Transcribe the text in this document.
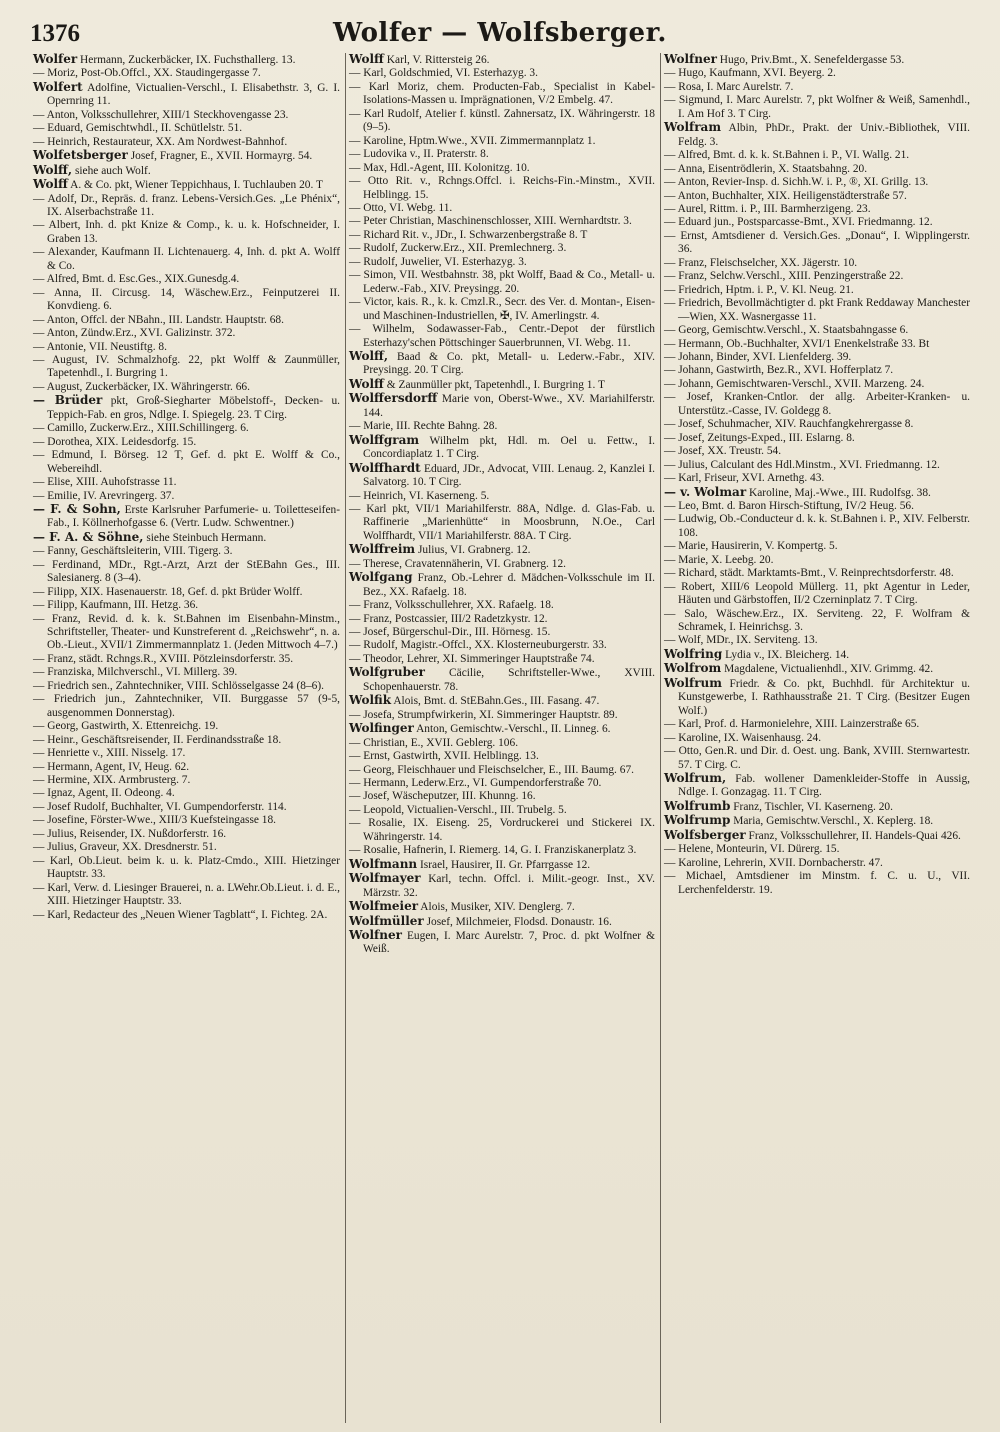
1376	Wolfer — Wolfsberger.
Wolfer Hermann, Zuckerbäcker, IX. Fuchsthallerg. 13.
— Moriz, Post-Ob.Offcl., XX. Staudingergasse 7.
Wolfert Adolfine, Victualien-Verschl., I. Elisabethstr. 3, G. I. Opernring 11.
— Anton, Volksschullehrer, XIII/1 Steckhovengasse 23.
— Eduard, Gemischtwhdl., II. Schütlelstr. 51.
— Heinrich, Restaurateur, XX. Am Nordwest-Bahnhof.
Wolfetsberger Josef, Fragner, E., XVII. Hormayrg. 54.
Wolff, siehe auch Wolf.
Wolff A. & Co. pkt, Wiener Teppichhaus, I. Tuchlauben 20. T
— Adolf, Dr., Repräs. d. franz. Lebens-Versich.Ges. „Le Phénix“, IX. Alserbachstraße 11.
— Albert, Inh. d. pkt Knize & Comp., k. u. k. Hofschneider, I. Graben 13.
— Alexander, Kaufmann II. Lichtenauerg. 4, Inh. d. pkt A. Wolff & Co.
— Alfred, Bmt. d. Esc.Ges., XIX.Gunesdg.4.
— Anna, II. Circusg. 14, Wäschew.Erz., Feinputzerei II. Konvdieng. 6.
— Anton, Offcl. der NBahn., III. Landstr. Hauptstr. 68.
— Anton, Zündw.Erz., XVI. Galizinstr. 372.
— Antonie, VII. Neustiftg. 8.
— August, IV. Schmalzhofg. 22, pkt Wolff & Zaunmüller, Tapetenhdl., I. Burgring 1.
— August, Zuckerbäcker, IX. Währingerstr. 66.
— Brüder pkt, Groß-Siegharter Möbelstoff-, Decken- u. Teppich-Fab. en gros, Ndlge. I. Spiegelg. 23. T Cirg.
— Camillo, Zuckerw.Erz., XIII.Schillingerg. 6.
— Dorothea, XIX. Leidesdorfg. 15.
— Edmund, I. Börseg. 12 T, Gef. d. pkt E. Wolff & Co., Webereihdl.
— Elise, XIII. Auhofstrasse 11.
— Emilie, IV. Arevringerg. 37.
— F. & Sohn, Erste Karlsruher Parfumerie- u. Toiletteseifen-Fab., I. Köllnerhofgasse 6. (Vertr. Ludw. Schwentner.)
— F. A. & Söhne, siehe Steinbuch Hermann.
— Fanny, Geschäftsleiterin, VIII. Tigerg. 3.
— Ferdinand, MDr., Rgt.-Arzt, Arzt der StEBahn Ges., III. Salesianerg. 8 (3–4).
— Filipp, XIX. Hasenauerstr. 18, Gef. d. pkt Brüder Wolff.
— Filipp, Kaufmann, III. Hetzg. 36.
— Franz, Revid. d. k. k. St.Bahnen im Eisenbahn-Minstm., Schriftsteller, Theater- und Kunstreferent d. „Reichswehr“, n. a. Ob.-Lieut., XVII/1 Zimmermannplatz 1. (Jeden Mittwoch 4–7.)
— Franz, städt. Rchngs.R., XVIII. Pötzleinsdorferstr. 35.
— Franziska, Milchverschl., VI. Millerg. 39.
— Friedrich sen., Zahntechniker, VIII. Schlösselgasse 24 (8–6).
— Friedrich jun., Zahntechniker, VII. Burggasse 57 (9-5, ausgenommen Donnerstag).
— Georg, Gastwirth, X. Ettenreichg. 19.
— Heinr., Geschäftsreisender, II. Ferdinandsstraße 18.
— Henriette v., XIII. Nisselg. 17.
— Hermann, Agent, IV, Heug. 62.
— Hermine, XIX. Armbrusterg. 7.
— Ignaz, Agent, II. Odeong. 4.
— Josef Rudolf, Buchhalter, VI. Gumpendorferstr. 114.
— Josefine, Förster-Wwe., XIII/3 Kuefsteingasse 18.
— Julius, Reisender, IX. Nußdorferstr. 16.
— Julius, Graveur, XX. Dresdnerstr. 51.
— Karl, Ob.Lieut. beim k. u. k. Platz-Cmdo., XIII. Hietzinger Hauptstr. 33.
— Karl, Verw. d. Liesinger Brauerei, n. a. LWehr.Ob.Lieut. i. d. E., XIII. Hietzinger Hauptstr. 33.
— Karl, Redacteur des „Neuen Wiener Tagblatt“, I. Fichteg. 2A.
Wolff Karl, V. Rittersteig 26.
— Karl, Goldschmied, VI. Esterhazyg. 3.
— Karl Moriz, chem. Producten-Fab., Specialist in Kabel-Isolations-Massen u. Imprägnationen, V/2 Embelg. 47.
— Karl Rudolf, Atelier f. künstl. Zahnersatz, IX. Währingerstr. 18 (9–5).
— Karoline, Hptm.Wwe., XVII. Zimmermannplatz 1.
— Ludovika v., II. Praterstr. 8.
— Max, Hdl.-Agent, III. Kolonitzg. 10.
— Otto Rit. v., Rchngs.Offcl. i. Reichs-Fin.-Minstm., XVII. Helblingg. 15.
— Otto, VI. Webg. 11.
— Peter Christian, Maschinenschlosser, XIII. Wernhardtstr. 3.
— Richard Rit. v., JDr., I. Schwarzenbergstraße 8. T
— Rudolf, Zuckerw.Erz., XII. Premlechnerg. 3.
— Rudolf, Juwelier, VI. Esterhazyg. 3.
— Simon, VII. Westbahnstr. 38, pkt Wolff, Baad & Co., Metall- u. Lederw.-Fab., XIV. Preysingg. 20.
— Victor, kais. R., k. k. Cmzl.R., Secr. des Ver. d. Montan-, Eisen- und Maschinen-Industriellen, ✠, IV. Amerlingstr. 4.
— Wilhelm, Sodawasser-Fab., Centr.-Depot der fürstlich Esterhazy'schen Pöttschinger Sauerbrunnen, VI. Webg. 11.
Wolff, Baad & Co. pkt, Metall- u. Lederw.-Fabr., XIV. Preysingg. 20. T Cirg.
Wolff & Zaunmüller pkt, Tapetenhdl., I. Burgring 1. T
Wolffersdorff Marie von, Oberst-Wwe., XV. Mariahilferstr. 144.
— Marie, III. Rechte Bahng. 28.
Wolffgram Wilhelm pkt, Hdl. m. Oel u. Fettw., I. Concordiaplatz 1. T Cirg.
Wolffhardt Eduard, JDr., Advocat, VIII. Lenaug. 2, Kanzlei I. Salvatorg. 10. T Cirg.
— Heinrich, VI. Kasernеng. 5.
— Karl pkt, VII/1 Mariahilferstr. 88A, Ndlge. d. Glas-Fab. u. Raffinerie „Marienhütte“ in Moosbrunn, N.Oe., Carl Wolffhardt, VII/1 Mariahilferstr. 88A. T Cirg.
Wolffreim Julius, VI. Grabnerg. 12.
— Therese, Cravatennäherin, VI. Grabnerg. 12.
Wolfgang Franz, Ob.-Lehrer d. Mädchen-Volksschule im II. Bez., XX. Rafaelg. 18.
— Franz, Volksschullehrer, XX. Rafaelg. 18.
— Franz, Postcassier, III/2 Radetzkystr. 12.
— Josef, Bürgerschul-Dir., III. Hörnesg. 15.
— Rudolf, Magistr.-Offcl., XX. Klosterneuburgerstr. 33.
— Theodor, Lehrer, XI. Simmeringer Hauptstraße 74.
Wolfgruber Cäcilie, Schriftsteller-Wwe., XVIII. Schopenhauerstr. 78.
Wolfik Alois, Bmt. d. StEBahn.Ges., III. Fasang. 47.
— Josefa, Strumpfwirkerin, XI. Simmeringer Hauptstr. 89.
Wolfinger Anton, Gemischtw.-Verschl., II. Linneg. 6.
— Christian, E., XVII. Geblerg. 106.
— Ernst, Gastwirth, XVII. Helblingg. 13.
— Georg, Fleischhauer und Fleischselcher, E., III. Baumg. 67.
— Hermann, Lederw.Erz., VI. Gumpendorferstraße 70.
— Josef, Wäscheputzer, III. Khunng. 16.
— Leopold, Victualien-Verschl., III. Trubelg. 5.
— Rosalie, IX. Eisеng. 25, Vordruckerei und Stickerei IX. Währingerstr. 14.
— Rosalie, Hafnerin, I. Riemerg. 14, G. I. Franziskanerplatz 3.
Wolfmann Israel, Hausirer, II. Gr. Pfarrgasse 12.
Wolfmayer Karl, techn. Offcl. i. Milit.-geogr. Inst., XV. Märzstr. 32.
Wolfmeier Alois, Musiker, XIV. Denglerg. 7.
Wolfmüller Josef, Milchmeier, Flodsd. Donaustr. 16.
Wolfner Eugen, I. Marc Aurelstr. 7, Proc. d. pkt Wolfner & Weiß.
Wolfner Hugo, Priv.Bmt., X. Senefeldergasse 53.
— Hugo, Kaufmann, XVI. Beyerg. 2.
— Rosa, I. Marc Aurelstr. 7.
— Sigmund, I. Marc Aurelstr. 7, pkt Wolfner & Weiß, Samenhdl., I. Am Hof 3. T Cirg.
Wolfram Albin, PhDr., Prakt. der Univ.-Bibliothek, VIII. Feldg. 3.
— Alfred, Bmt. d. k. k. St.Bahnen i. P., VI. Wallg. 21.
— Anna, Eisentrödlerin, X. Staatsbahng. 20.
— Anton, Revier-Insp. d. Sichh.W. i. P., ®, XI. Grillg. 13.
— Anton, Buchhalter, XIX. Heiligenstädterstraße 57.
— Aurel, Rittm. i. P., III. Barmherzigeng. 23.
— Eduard jun., Postsparcasse-Bmt., XVI. Friedmanng. 12.
— Ernst, Amtsdiener d. Versich.Ges. „Donau“, I. Wipplingerstr. 36.
— Franz, Fleischselcher, XX. Jägerstr. 10.
— Franz, Selchw.Verschl., XIII. Penzingerstraße 22.
— Friedrich, Hptm. i. P., V. Kl. Neug. 21.
— Friedrich, Bevollmächtigter d. pkt Frank Reddaway Manchester—Wien, XX. Wasnergasse 11.
— Georg, Gemischtw.Verschl., X. Staatsbahngasse 6.
— Hermann, Ob.-Buchhalter, XVI/1 Enenkelstraße 33. Bt
— Johann, Binder, XVI. Lienfelderg. 39.
— Johann, Gastwirth, Bez.R., XVI. Hofferplatz 7.
— Johann, Gemischtwaren-Verschl., XVII. Marzeng. 24.
— Josef, Kranken-Cntlor. der allg. Arbeiter-Kranken- u. Unterstütz.-Casse, IV. Goldegg 8.
— Josef, Schuhmacher, XIV. Rauchfangkehrergasse 8.
— Josef, Zeitungs-Exped., III. Eslarng. 8.
— Josef, XX. Treustr. 54.
— Julius, Calculant des Hdl.Minstm., XVI. Friedmanng. 12.
— Karl, Friseur, XVI. Arnethg. 43.
— v. Wolmar Karoline, Maj.-Wwe., III. Rudolfsg. 38.
— Leo, Bmt. d. Baron Hirsch-Stiftung, IV/2 Heug. 56.
— Ludwig, Ob.-Conducteur d. k. k. St.Bahnen i. P., XIV. Felberstr. 108.
— Marie, Hausirerin, V. Kompertg. 5.
— Marie, X. Leebg. 20.
— Richard, städt. Marktamts-Bmt., V. Reinprechtsdorferstr. 48.
— Robert, XIII/6 Leopold Müllerg. 11, pkt Agentur in Leder, Häuten und Gärbstoffen, II/2 Czerninplatz 7. T Cirg.
— Salo, Wäschew.Erz., IX. Servitеng. 22, F. Wolfram & Schramek, I. Heinrichsg. 3.
— Wolf, MDr., IX. Servitеng. 13.
Wolfring Lydia v., IX. Bleicherg. 14.
Wolfrom Magdalene, Victualienhdl., XIV. Grimmg. 42.
Wolfrum Friedr. & Co. pkt, Buchhdl. für Architektur u. Kunstgewerbe, I. Rathhausstraße 21. T Cirg. (Besitzer Eugen Wolf.)
— Karl, Prof. d. Harmonielehre, XIII. Lainzerstraße 65.
— Karoline, IX. Waisenhausg. 24.
— Otto, Gen.R. und Dir. d. Oest. ung. Bank, XVIII. Sternwartestr. 57. T Cirg. C.
Wolfrum, Fab. wollener Damenkleider-Stoffe in Aussig, Ndlge. I. Gonzagag. 11. T Cirg.
Wolfrumb Franz, Tischler, VI. Kaserneng. 20.
Wolfrump Maria, Gemischtw.Verschl., X. Keplerg. 18.
Wolfsberger Franz, Volksschullehrer, II. Handels-Quai 426.
— Helene, Monteurin, VI. Dürerg. 15.
— Karoline, Lehrerin, XVII. Dornbacherstr. 47.
— Michael, Amtsdiener im Minstm. f. C. u. U., VII. Lerchenfelderstr. 19.
